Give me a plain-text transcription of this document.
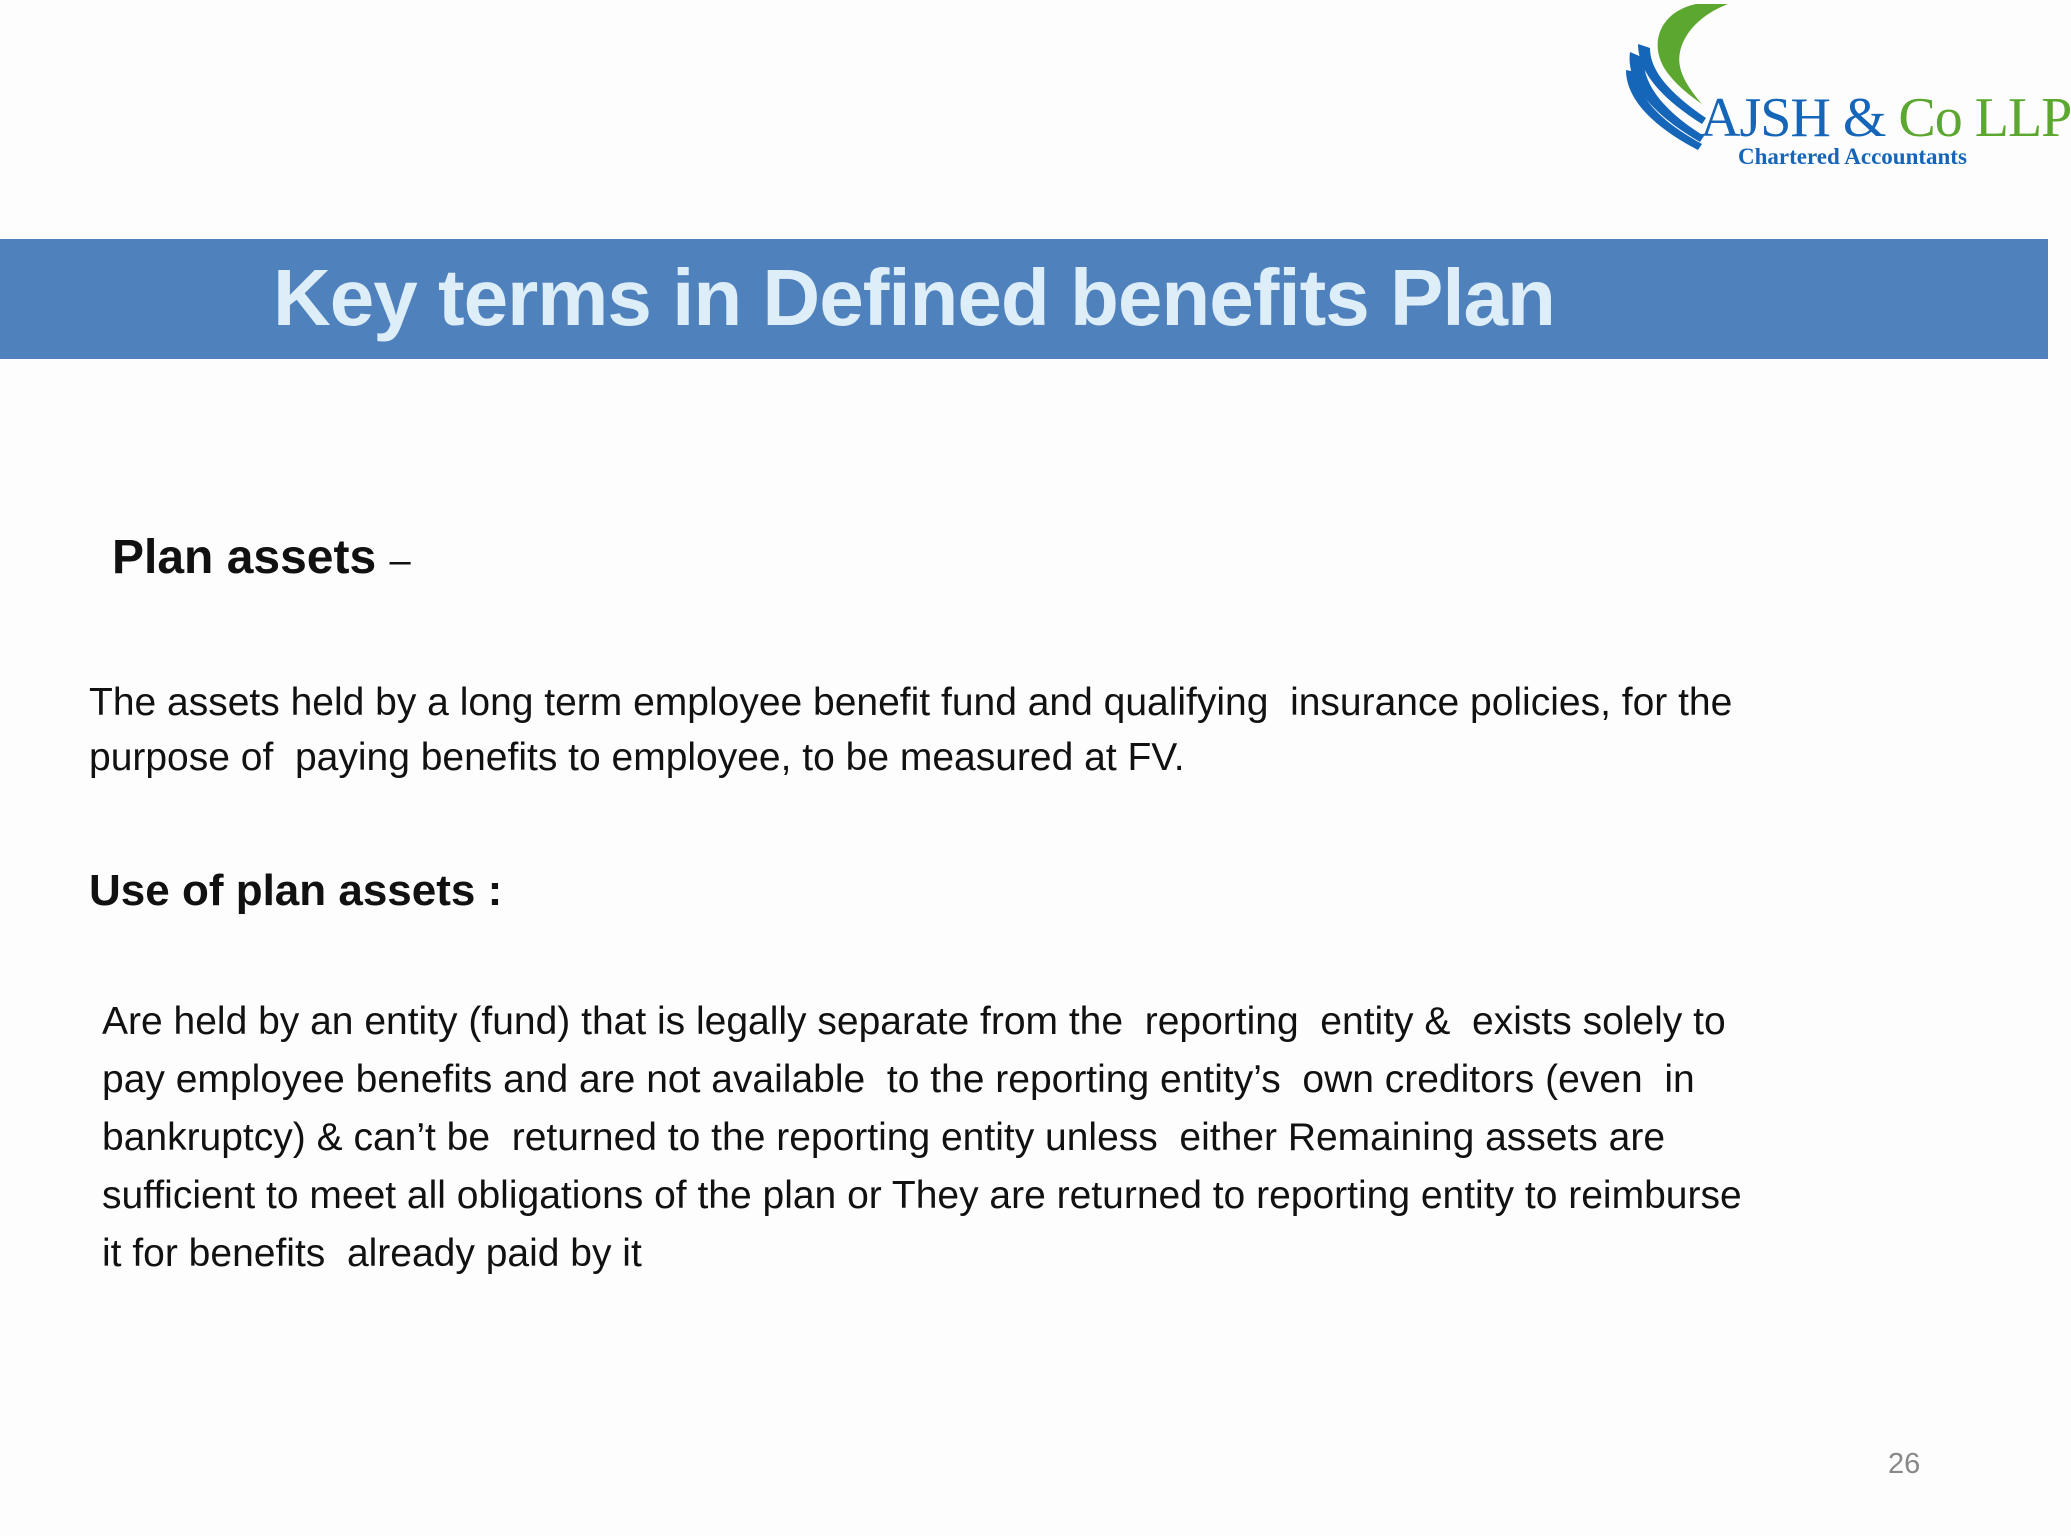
AJSH & Co LLP
Chartered Accountants
Key terms in Defined benefits Plan
Plan assets –
The assets held by a long term employee benefit fund and qualifying  insurance policies, for the
purpose of  paying benefits to employee, to be measured at FV.
Use of plan assets :
Are held by an entity (fund) that is legally separate from the  reporting  entity &  exists solely to
pay employee benefits and are not available  to the reporting entity’s  own creditors (even  in
bankruptcy) & can’t be  returned to the reporting entity unless  either Remaining assets are
sufficient to meet all obligations of the plan or They are returned to reporting entity to reimburse
it for benefits  already paid by it
26
